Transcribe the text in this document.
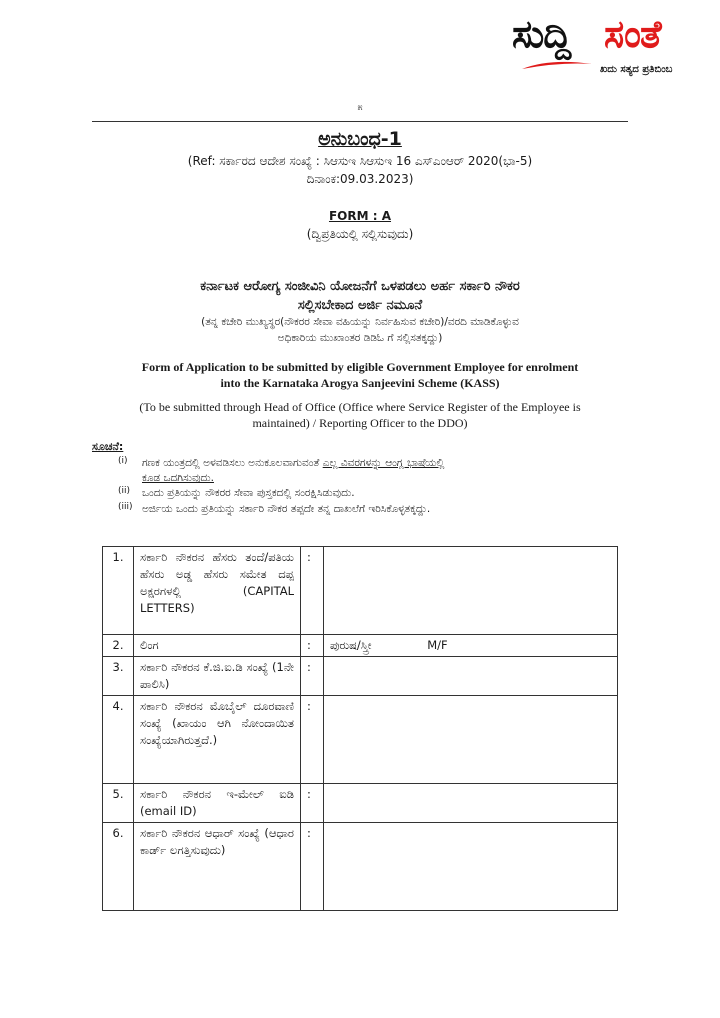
ಸುದ್ದಿ ಸಂತೆ
ಖದು ಸತ್ಯದ ಪ್ರತಿಬಿಂಬ
೫
ಅನುಬಂಧ-1
(Ref: ಸರ್ಕಾರದ ಆದೇಶ ಸಂಖ್ಯೆ : ಸಿಆಸುಇ ಸಿಆಸುಇ 16 ಎಸ್‌ಎಂಆರ್ 2020(ಭಾ-5)
ದಿನಾಂಕ:09.03.2023)
FORM : A
(ದ್ವಿಪ್ರತಿಯಲ್ಲಿ ಸಲ್ಲಿಸುವುದು)
ಕರ್ನಾಟಕ ಆರೋಗ್ಯ ಸಂಜೀವಿನಿ ಯೋಜನೆಗೆ ಒಳಪಡಲು ಅರ್ಹ ಸರ್ಕಾರಿ ನೌಕರ
ಸಲ್ಲಿಸಬೇಕಾದ ಅರ್ಜಿ ನಮೂನೆ
(ತನ್ನ ಕಚೇರಿ ಮುಖ್ಯಸ್ಥರ(ನೌಕರರ ಸೇವಾ ವಹಿಯನ್ನು ನಿರ್ವಹಿಸುವ ಕಚೇರಿ)/ವರದಿ ಮಾಡಿಕೊಳ್ಳುವ
ಅಧಿಕಾರಿಯ ಮುಖಾಂತರ ಡಿಡಿಓ ಗೆ ಸಲ್ಲಿಸತಕ್ಕದ್ದು)
Form of Application to be submitted by eligible Government Employee for enrolment
into the Karnataka Arogya Sanjeevini Scheme (KASS)
(To be submitted through Head of Office (Office where Service Register of the Employee is
maintained) / Reporting Officer to the DDO)
ಸೂಚನೆ:
(i) ಗಣಕ ಯಂತ್ರದಲ್ಲಿ ಅಳವಡಿಸಲು ಅನುಕೂಲವಾಗುವಂತೆ ಎಲ್ಲ ವಿವರಗಳನ್ನು ಆಂಗ್ಲ ಭಾಷೆಯಲ್ಲಿ
ಕೂಡ ಒದಗಿಸುವುದು.
(ii) ಒಂದು ಪ್ರತಿಯನ್ನು ನೌಕರರ ಸೇವಾ ಪುಸ್ತಕದಲ್ಲಿ ಸಂರಕ್ಷಿಸಿಡುವುದು.
(iii) ಅರ್ಜಿಯ ಒಂದು ಪ್ರತಿಯನ್ನು ಸರ್ಕಾರಿ ನೌಕರ ತಪ್ಪದೇ ತನ್ನ ದಾಖಲೆಗೆ ಇರಿಸಿಕೊಳ್ಳತಕ್ಕದ್ದು.
1.	ಸರ್ಕಾರಿ ನೌಕರನ ಹೆಸರು ತಂದೆ/ಪತಿಯ ಹೆಸರು ಅಡ್ಡ ಹೆಸರು ಸಮೇತ ದಪ್ಪ ಅಕ್ಷರಗಳಲ್ಲಿ (CAPITAL LETTERS)	:	
2.	ಲಿಂಗ	:	ಪುರುಷ/ಸ್ತ್ರೀ M/F
3.	ಸರ್ಕಾರಿ ನೌಕರನ ಕೆ.ಜಿ.ಐ.ಡಿ ಸಂಖ್ಯೆ (1ನೇ ಪಾಲಿಸಿ)	:	
4.	ಸರ್ಕಾರಿ ನೌಕರನ ಮೊಬೈಲ್ ದೂರವಾಣಿ ಸಂಖ್ಯೆ (ಖಾಯಂ ಆಗಿ ನೋಂದಾಯಿತ ಸಂಖ್ಯೆಯಾಗಿರುತ್ತದೆ.)	:	
5.	ಸರ್ಕಾರಿ ನೌಕರನ ಇ-ಮೇಲ್ ಐಡಿ (email ID)	:	
6.	ಸರ್ಕಾರಿ ನೌಕರನ ಆಧಾರ್ ಸಂಖ್ಯೆ (ಆಧಾರ ಕಾರ್ಡ್ ಲಗತ್ತಿಸುವುದು)	:	
